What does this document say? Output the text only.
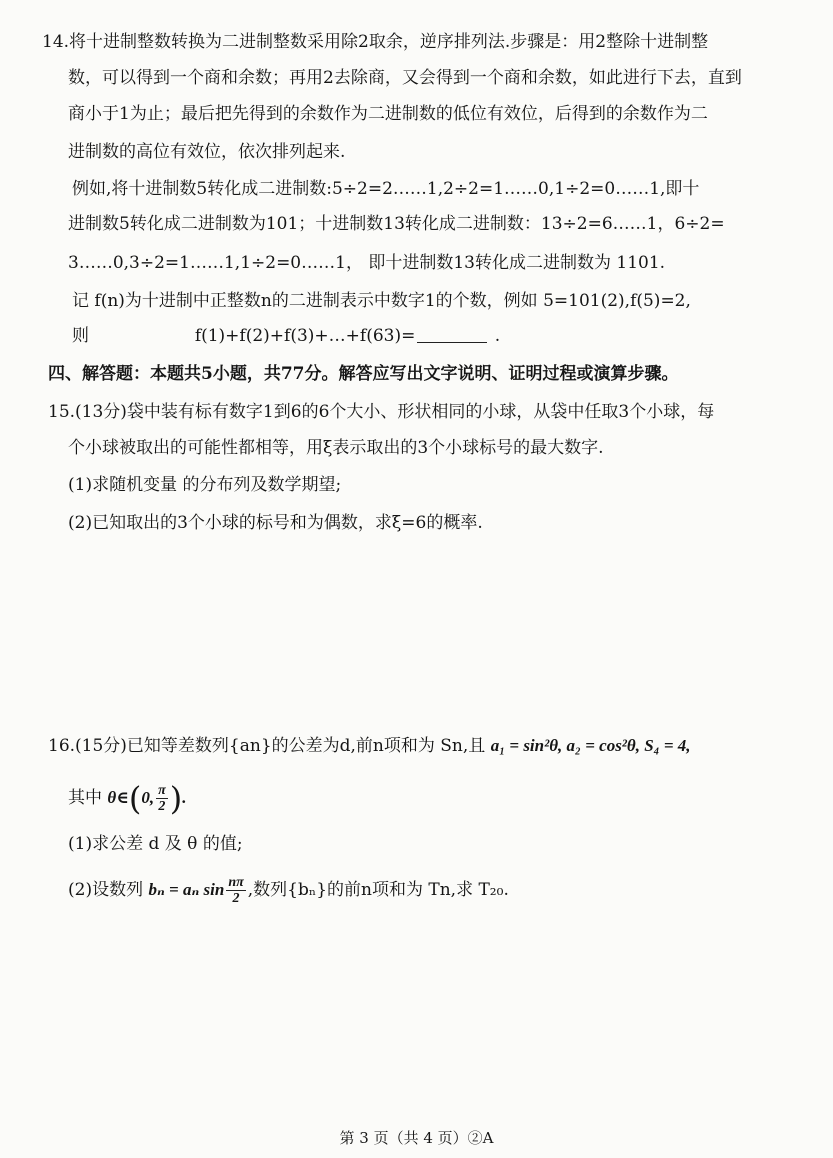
14.将十进制整数转换为二进制整数采用除2取余，逆序排列法.步骤是：用2整除十进制整
数，可以得到一个商和余数；再用2去除商，又会得到一个商和余数，如此进行下去，直到
商小于1为止；最后把先得到的余数作为二进制数的低位有效位，后得到的余数作为二
进制数的高位有效位，依次排列起来.
例如,将十进制数5转化成二进制数:5÷2=2……1,2÷2=1……0,1÷2=0……1,即十
进制数5转化成二进制数为101；十进制数13转化成二进制数：13÷2=6……1，6÷2=
3……0,3÷2=1……1,1÷2=0……1， 即十进制数13转化成二进制数为 1101.
记 f(n)为十进制中正整数n的二进制表示中数字1的个数，例如 5=101(2),f(5)=2,
则	f(1)+f(2)+f(3)+…+f(63)=	.
四、解答题：本题共5小题，共77分。解答应写出文字说明、证明过程或演算步骤。
15.(13分)袋中装有标有数字1到6的6个大小、形状相同的小球，从袋中任取3个小球，每
个小球被取出的可能性都相等，用ξ表示取出的3个小球标号的最大数字.
(1)求随机变量 的分布列及数学期望;
(2)已知取出的3个小球的标号和为偶数，求ξ=6的概率.
16.(15分)已知等差数列{an}的公差为d,前n项和为 Sn,且 a₁ = sin²θ, a₂ = cos²θ, S₄ = 4,
其中 θ∈(0, $\frac{\pi}{2}$ ).
(1)求公差 d 及 θ 的值;
(2)设数列 bₙ = aₙ $\sin \frac{n\pi}{2}$ ,数列{bₙ}的前n项和为 Tn,求 T₂₀.
第 3 页（共 4 页）②A
